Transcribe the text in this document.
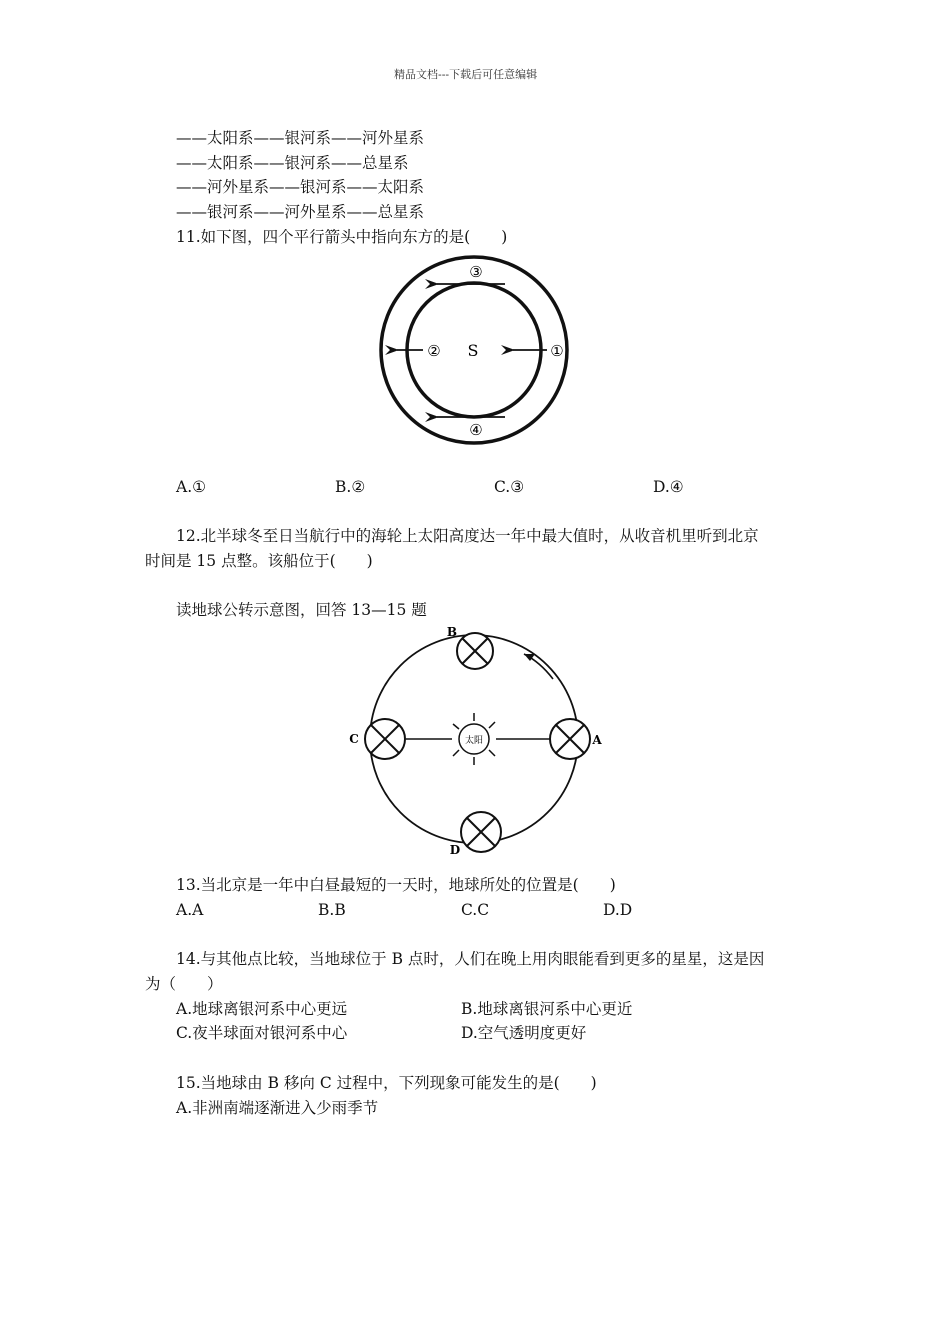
精品文档---下载后可任意编辑
——太阳系——银河系——河外星系
——太阳系——银河系——总星系
——河外星系——银河系——太阳系
——银河系——河外星系——总星系
11.如下图，四个平行箭头中指向东方的是(　　)
③
④
①
② S
A.①	B.②	C.③	D.④
12.北半球冬至日当航行中的海轮上太阳高度达一年中最大值时，从收音机里听到北京
时间是 15 点整。该船位于(　　)
读地球公转示意图，回答 13—15 题
太阳
B
C	A
D
13.当北京是一年中白昼最短的一天时，地球所处的位置是(　　)
A.A	B.B	C.C	D.D
14.与其他点比较，当地球位于 B 点时，人们在晚上用肉眼能看到更多的星星，这是因
为（　　）
A.地球离银河系中心更远	B.地球离银河系中心更近
C.夜半球面对银河系中心	D.空气透明度更好
15.当地球由 B 移向 C 过程中，下列现象可能发生的是(　　)
A.非洲南端逐渐进入少雨季节
